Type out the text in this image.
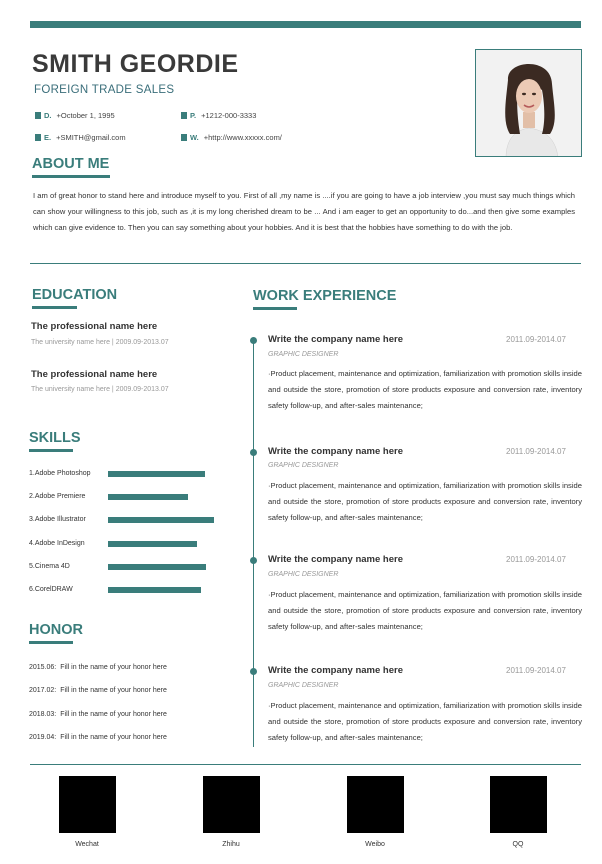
SMITH GEORDIE
FOREIGN TRADE SALES
D. +October 1, 1995	P. +1212-000-3333
E. +SMITH@gmail.com	W. +http://www.xxxxx.com/
ABOUT ME
I am of great honor to stand here and introduce myself to you. First of all ,my name is ....if you are going to have a job interview ,you must say much things which can show your willingness to this job, such as ,it is my long cherished dream to be ... And i am eager to get an opportunity to do...and then give some examples which can give evidence to. Then you can say something about your hobbies. And it is best that the hobbies have something to do with the job.
EDUCATION
The professional name here
The university name here | 2009.09-2013.07
The professional name here
The university name here | 2009.09-2013.07
SKILLS
1.Adobe Photoshop
2.Adobe Premiere
3.Adobe Illustrator
4.Adobe InDesign
5.Cinema 4D
6.CorelDRAW
HONOR
2015.06: Fill in the name of your honor here
2017.02: Fill in the name of your honor here
2018.03: Fill in the name of your honor here
2019.04: Fill in the name of your honor here
WORK EXPERIENCE
Write the company name here	2011.09-2014.07
GRAPHIC DESIGNER
·Product placement, maintenance and optimization, familiarization with promotion skills inside and outside the store, promotion of store products exposure and conversion rate, inventory safety follow-up, and after-sales maintenance;
Write the company name here	2011.09-2014.07
GRAPHIC DESIGNER
·Product placement, maintenance and optimization, familiarization with promotion skills inside and outside the store, promotion of store products exposure and conversion rate, inventory safety follow-up, and after-sales maintenance;
Write the company name here	2011.09-2014.07
GRAPHIC DESIGNER
·Product placement, maintenance and optimization, familiarization with promotion skills inside and outside the store, promotion of store products exposure and conversion rate, inventory safety follow-up, and after-sales maintenance;
Write the company name here	2011.09-2014.07
GRAPHIC DESIGNER
·Product placement, maintenance and optimization, familiarization with promotion skills inside and outside the store, promotion of store products exposure and conversion rate, inventory safety follow-up, and after-sales maintenance;
Wechat	Zhihu	Weibo	QQ
